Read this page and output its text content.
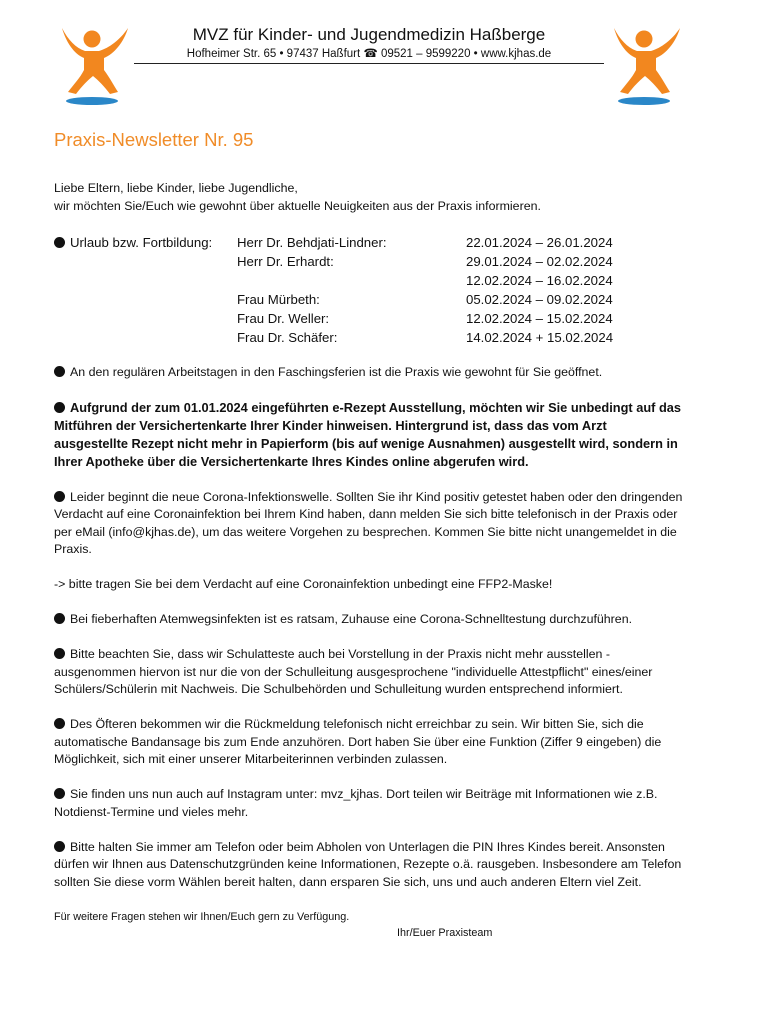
MVZ für Kinder- und Jugendmedizin Haßberge
Hofheimer Str. 65 • 97437 Haßfurt ☎ 09521 – 9599220 • www.kjhas.de
Praxis-Newsletter Nr. 95

Liebe Eltern, liebe Kinder, liebe Jugendliche,

wir möchten Sie/Euch wie gewohnt über aktuelle Neuigkeiten aus der Praxis informieren.

Urlaub bzw. Fortbildung:	Herr Dr. Behdjati-Lindner:	22.01.2024 – 26.01.2024
	Herr Dr. Erhardt:	29.01.2024 – 02.02.2024
		12.02.2024 – 16.02.2024
	Frau Mürbeth:	05.02.2024 – 09.02.2024
	Frau Dr. Weller:	12.02.2024 – 15.02.2024
	Frau Dr. Schäfer:	14.02.2024 + 15.02.2024

An den regulären Arbeitstagen in den Faschingsferien ist die Praxis wie gewohnt für Sie geöffnet.

Aufgrund der zum 01.01.2024 eingeführten e-Rezept Ausstellung, möchten wir Sie unbedingt auf das Mitführen der Versichertenkarte Ihrer Kinder hinweisen. Hintergrund ist, dass das vom Arzt ausgestellte Rezept nicht mehr in Papierform (bis auf wenige Ausnahmen) ausgestellt wird, sondern in Ihrer Apotheke über die Versichertenkarte Ihres Kindes online abgerufen wird.

Leider beginnt die neue Corona-Infektionswelle. Sollten Sie ihr Kind positiv getestet haben oder den dringenden Verdacht auf eine Coronainfektion bei Ihrem Kind haben, dann melden Sie sich bitte telefonisch in der Praxis oder per eMail (info@kjhas.de), um das weitere Vorgehen zu besprechen. Kommen Sie bitte nicht unangemeldet in die Praxis.

-> bitte tragen Sie bei dem Verdacht auf eine Coronainfektion unbedingt eine FFP2-Maske!

Bei fieberhaften Atemwegsinfekten ist es ratsam, Zuhause eine Corona-Schnelltestung durchzuführen.

Bitte beachten Sie, dass wir Schulatteste auch bei Vorstellung in der Praxis nicht mehr ausstellen - ausgenommen hiervon ist nur die von der Schulleitung ausgesprochene "individuelle Attestpflicht" eines/einer Schülers/Schülerin mit Nachweis. Die Schulbehörden und Schulleitung wurden entsprechend informiert.

Des Öfteren bekommen wir die Rückmeldung telefonisch nicht erreichbar zu sein. Wir bitten Sie, sich die automatische Bandansage bis zum Ende anzuhören. Dort haben Sie über eine Funktion (Ziffer 9 eingeben) die Möglichkeit, sich mit einer unserer Mitarbeiterinnen verbinden zulassen.

Sie finden uns nun auch auf Instagram unter: mvz_kjhas. Dort teilen wir Beiträge mit Informationen wie z.B. Notdienst-Termine und vieles mehr.

Bitte halten Sie immer am Telefon oder beim Abholen von Unterlagen die PIN Ihres Kindes bereit. Ansonsten dürfen wir Ihnen aus Datenschutzgründen keine Informationen, Rezepte o.ä. rausgeben. Insbesondere am Telefon sollten Sie diese vorm Wählen bereit halten, dann ersparen Sie sich, uns und auch anderen Eltern viel Zeit.

Für weitere Fragen stehen wir Ihnen/Euch gern zu Verfügung.

Ihr/Euer Praxisteam
